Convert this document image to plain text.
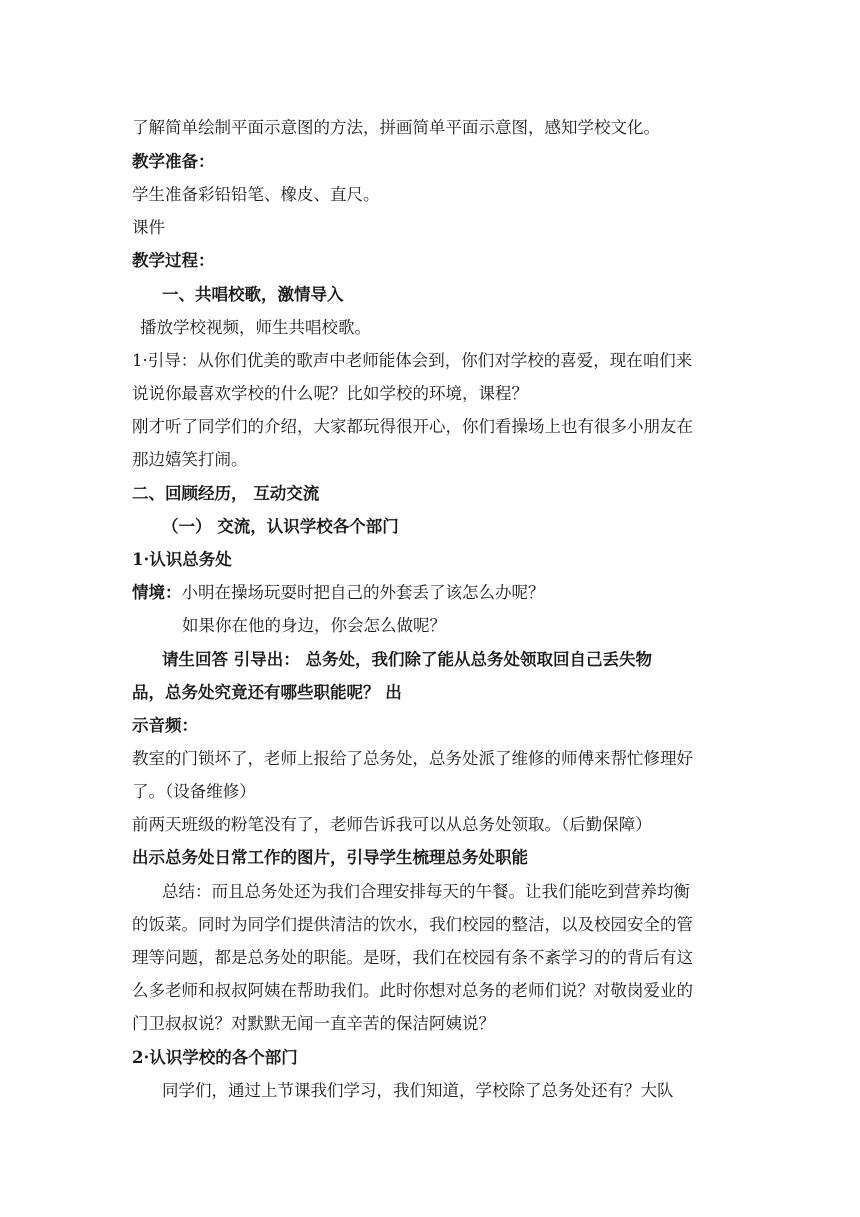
了解简单绘制平面示意图的方法，拼画简单平面示意图，感知学校文化。

教学准备：

学生准备彩铅铅笔、橡皮、直尺。

课件

教学过程：

一、共唱校歌，激情导入

播放学校视频，师生共唱校歌。

1·引导：从你们优美的歌声中老师能体会到，你们对学校的喜爱，现在咱们来

说说你最喜欢学校的什么呢？比如学校的环境，课程？

刚才听了同学们的介绍，大家都玩得很开心，你们看操场上也有很多小朋友在

那边嬉笑打闹。

二、回顾经历， 互动交流

（一） 交流，认识学校各个部门

1·认识总务处

情境：小明在操场玩耍时把自己的外套丢了该怎么办呢？

如果你在他的身边，你会怎么做呢？

请生回答 引导出： 总务处，我们除了能从总务处领取回自己丢失物

品，总务处究竟还有哪些职能呢？ 出

示音频：

教室的门锁坏了，老师上报给了总务处，总务处派了维修的师傅来帮忙修理好

了。（设备维修）

前两天班级的粉笔没有了，老师告诉我可以从总务处领取。（后勤保障）

出示总务处日常工作的图片，引导学生梳理总务处职能

总结：而且总务处还为我们合理安排每天的午餐。让我们能吃到营养均衡

的饭菜。同时为同学们提供清洁的饮水，我们校园的整洁，以及校园安全的管

理等问题，都是总务处的职能。是呀，我们在校园有条不紊学习的的背后有这

么多老师和叔叔阿姨在帮助我们。此时你想对总务的老师们说？对敬岗爱业的

门卫叔叔说？对默默无闻一直辛苦的保洁阿姨说？

2·认识学校的各个部门

同学们，通过上节课我们学习，我们知道，学校除了总务处还有？大队
